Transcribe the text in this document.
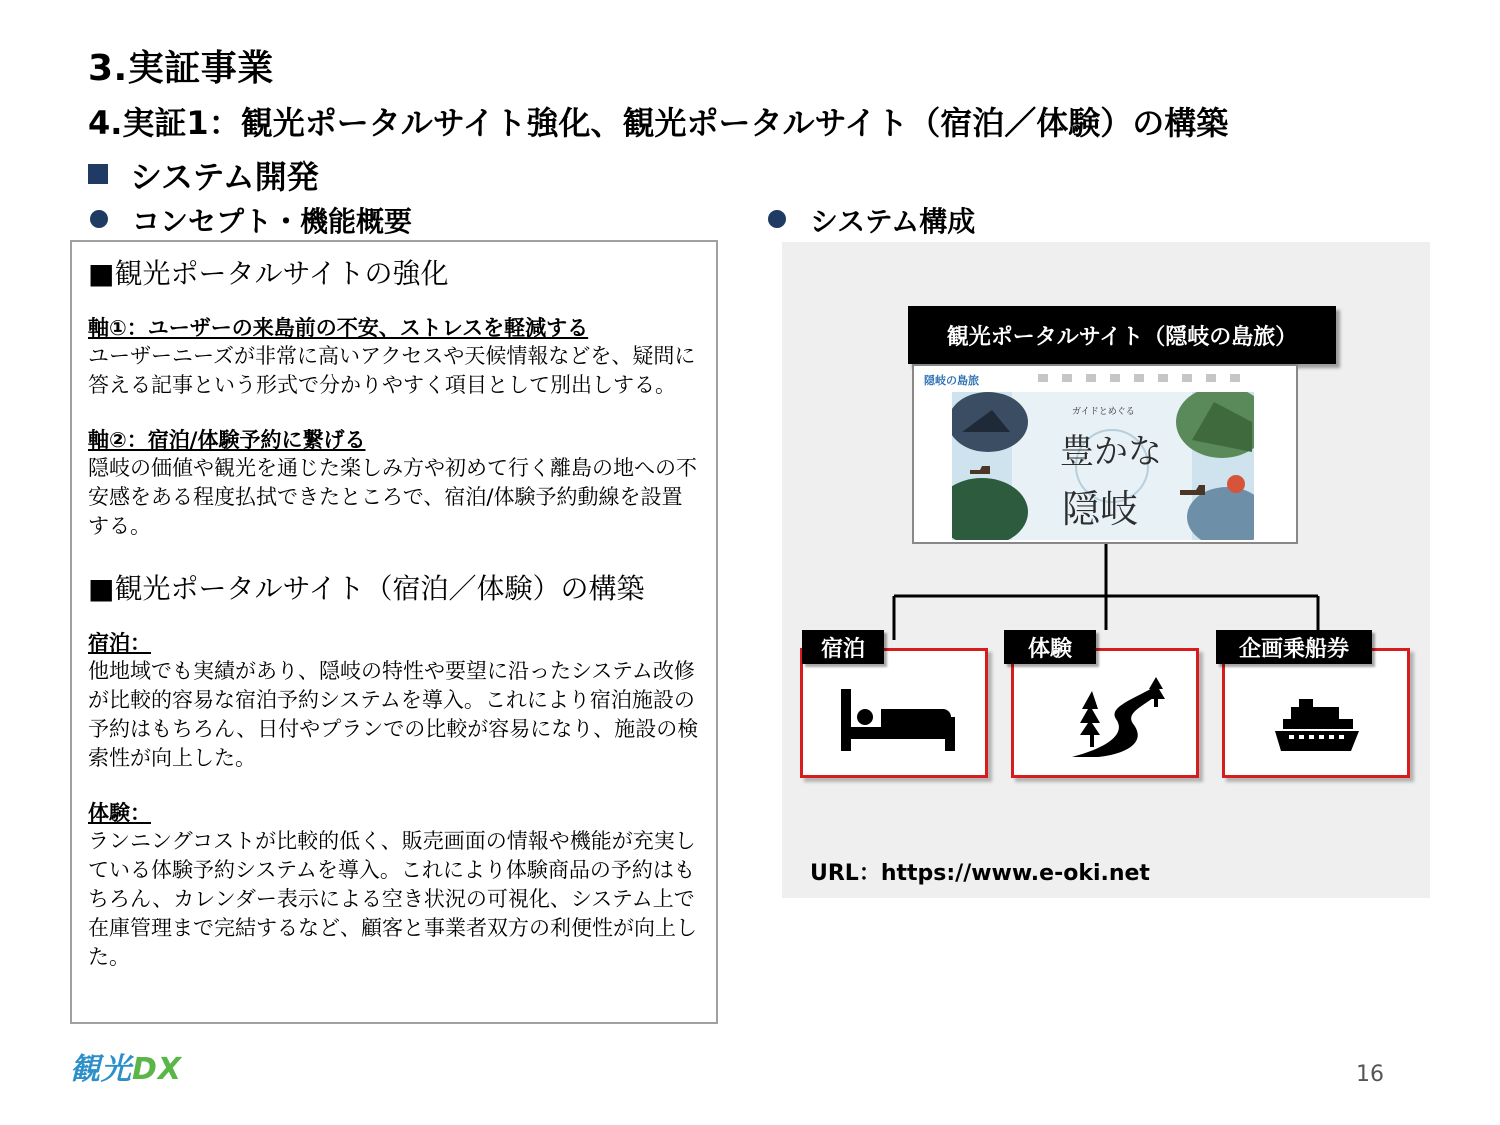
3.実証事業
4.実証1：観光ポータルサイト強化、観光ポータルサイト（宿泊／体験）の構築
システム開発
コンセプト・機能概要	システム構成
■観光ポータルサイトの強化

軸①：ユーザーの来島前の不安、ストレスを軽減する

ユーザーニーズが非常に高いアクセスや天候情報などを、疑問に答える記事という形式で分かりやすく項目として別出しする。

軸②：宿泊/体験予約に繋げる

隠岐の価値や観光を通じた楽しみ方や初めて行く離島の地への不安感をある程度払拭できたところで、宿泊/体験予約動線を設置する。

■観光ポータルサイト（宿泊／体験）の構築

宿泊：

他地域でも実績があり、隠岐の特性や要望に沿ったシステム改修が比較的容易な宿泊予約システムを導入。これにより宿泊施設の予約はもちろん、日付やプランでの比較が容易になり、施設の検索性が向上した。

体験：

ランニングコストが比較的低く、販売画面の情報や機能が充実している体験予約システムを導入。これにより体験商品の予約はもちろん、カレンダー表示による空き状況の可視化、システム上で在庫管理まで完結するなど、顧客と事業者双方の利便性が向上した。

観光ポータルサイト（隠岐の島旅）
隠岐の島旅
ガイドとめぐる
豊かな
隠岐
宿泊	体験	企画乗船券
URL：https://www.e-oki.net
観光DX	16
